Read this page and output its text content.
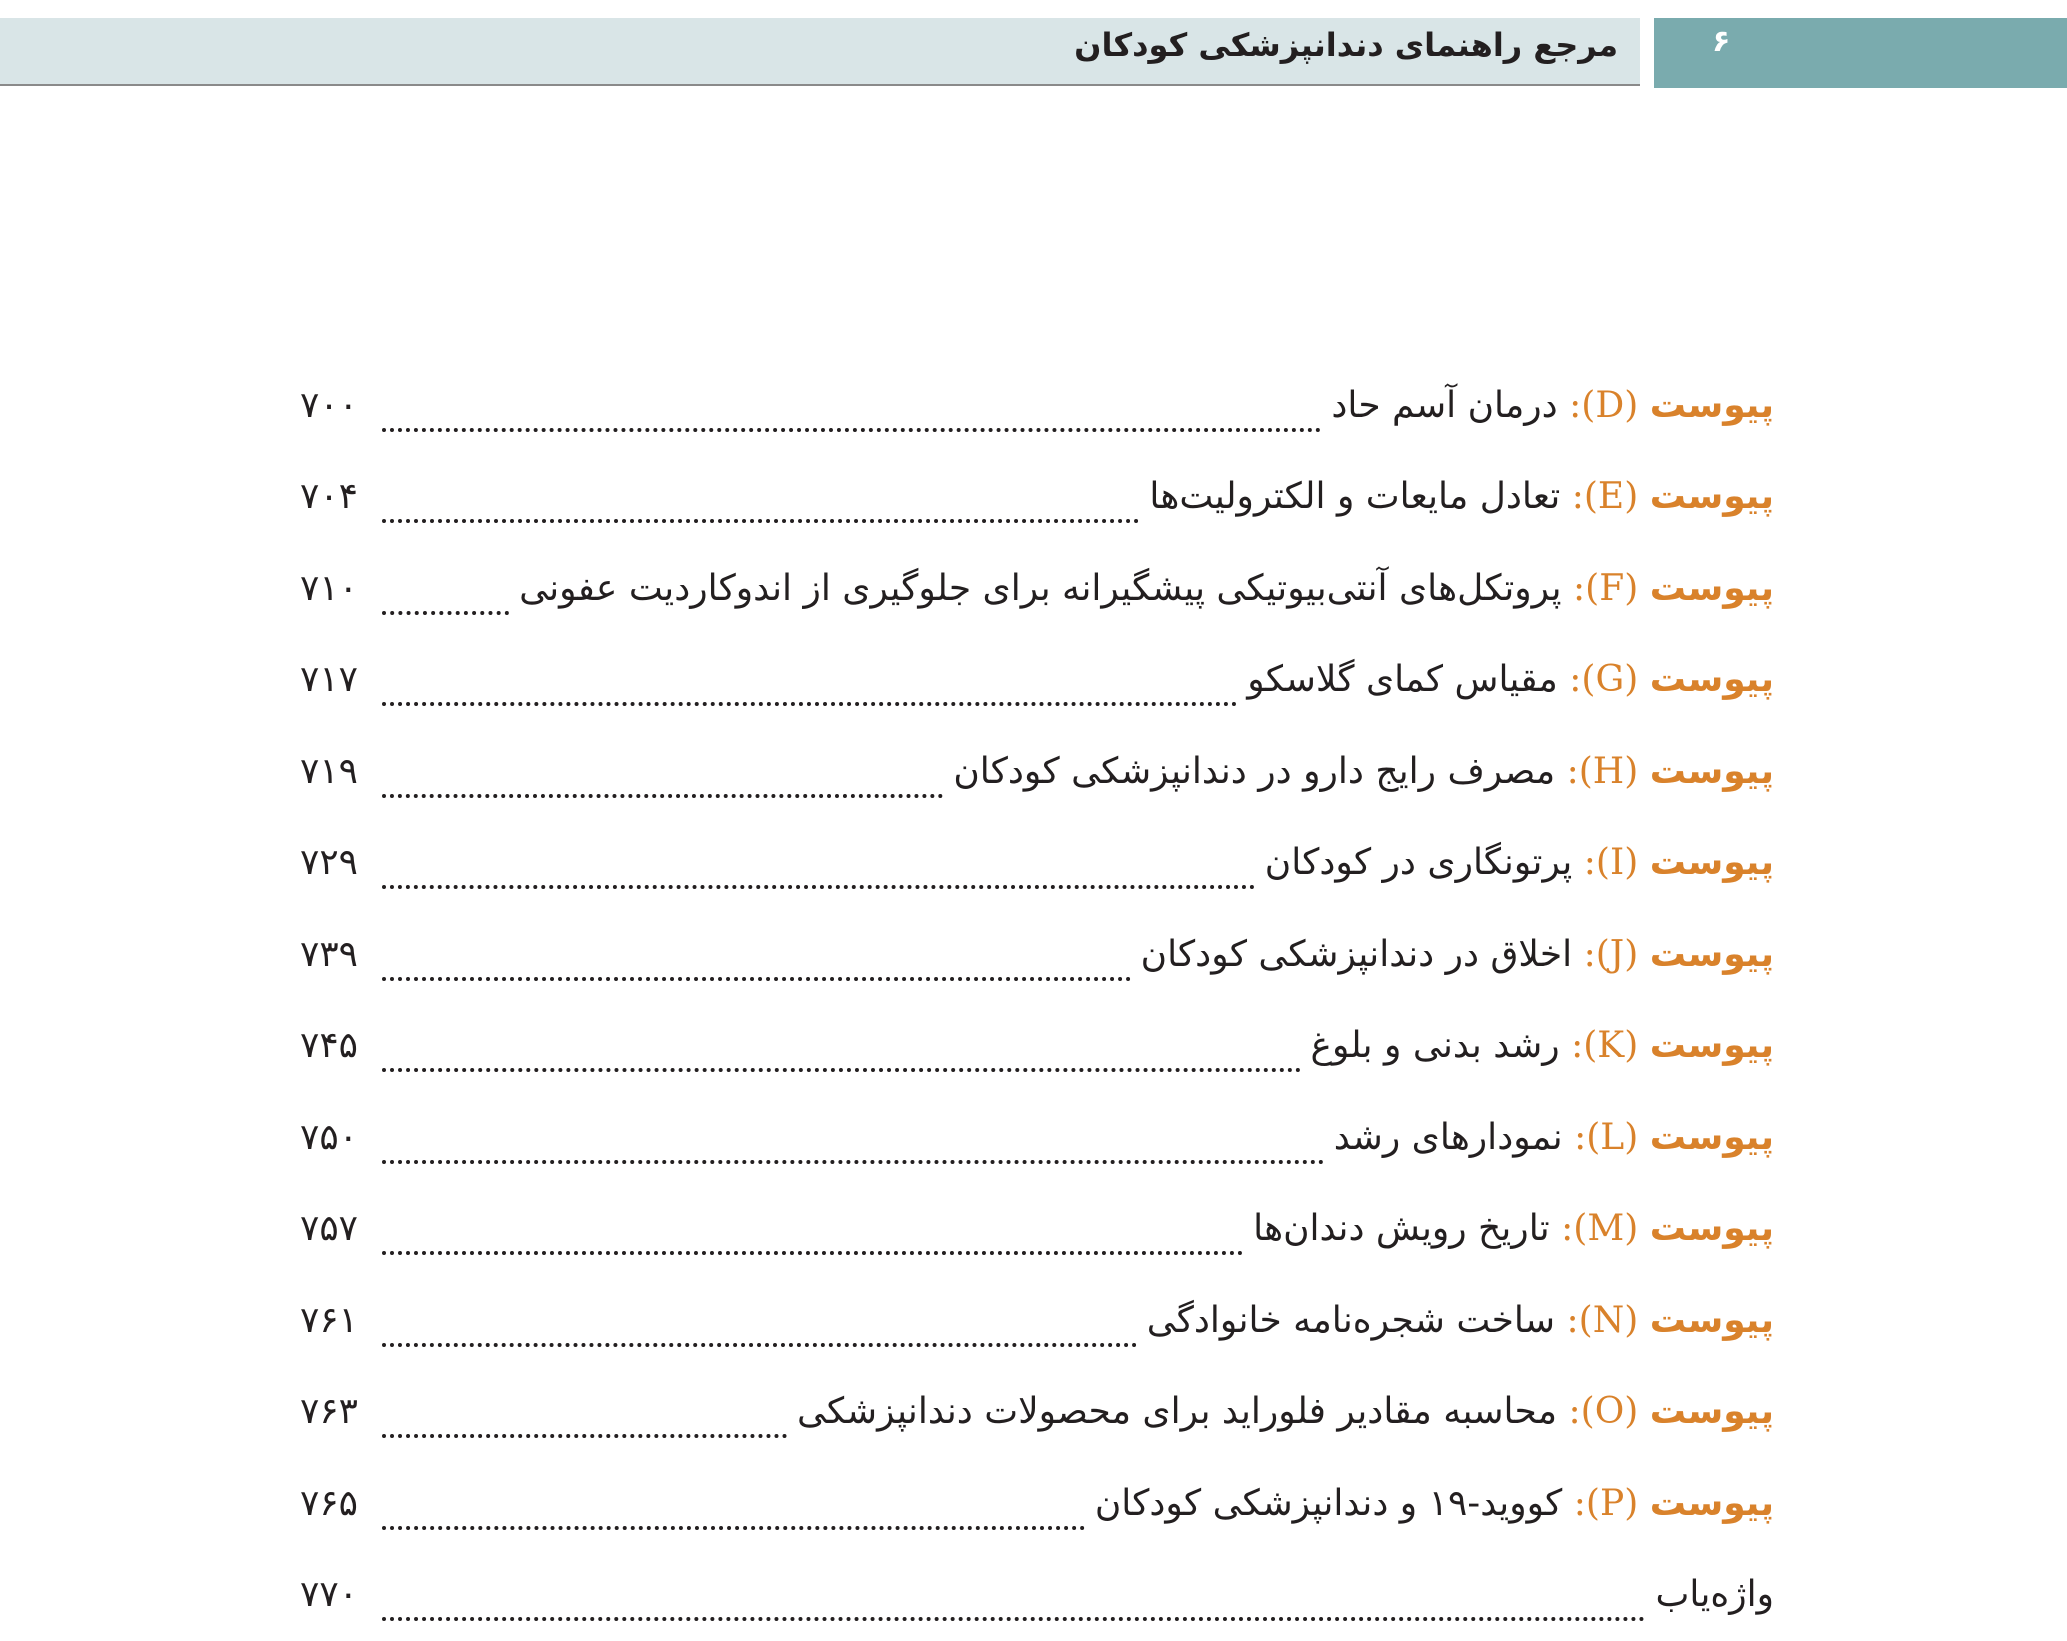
مرجع راهنمای دندانپزشکی کودکان	۶
پیوست (D): درمان آسم حاد
۷۰۰
پیوست (E): تعادل مایعات و الکترولیت‌ها
۷۰۴
پیوست (F): پروتکل‌های آنتی‌بیوتیکی پیشگیرانه برای جلوگیری از اندوکاردیت عفونی
۷۱۰
پیوست (G): مقیاس کمای گلاسکو
۷۱۷
پیوست (H): مصرف رایج دارو در دندانپزشکی کودکان
۷۱۹
پیوست (I): پرتونگاری در کودکان
۷۲۹
پیوست (J): اخلاق در دندانپزشکی کودکان
۷۳۹
پیوست (K): رشد بدنی و بلوغ
۷۴۵
پیوست (L): نمودارهای رشد
۷۵۰
پیوست (M): تاریخ رویش دندان‌ها
۷۵۷
پیوست (N): ساخت شجره‌نامه خانوادگی
۷۶۱
پیوست (O): محاسبه مقادیر فلوراید برای محصولات دندانپزشکی
۷۶۳
پیوست (P): کووید-۱۹ و دندانپزشکی کودکان
۷۶۵
واژه‌یاب
۷۷۰
